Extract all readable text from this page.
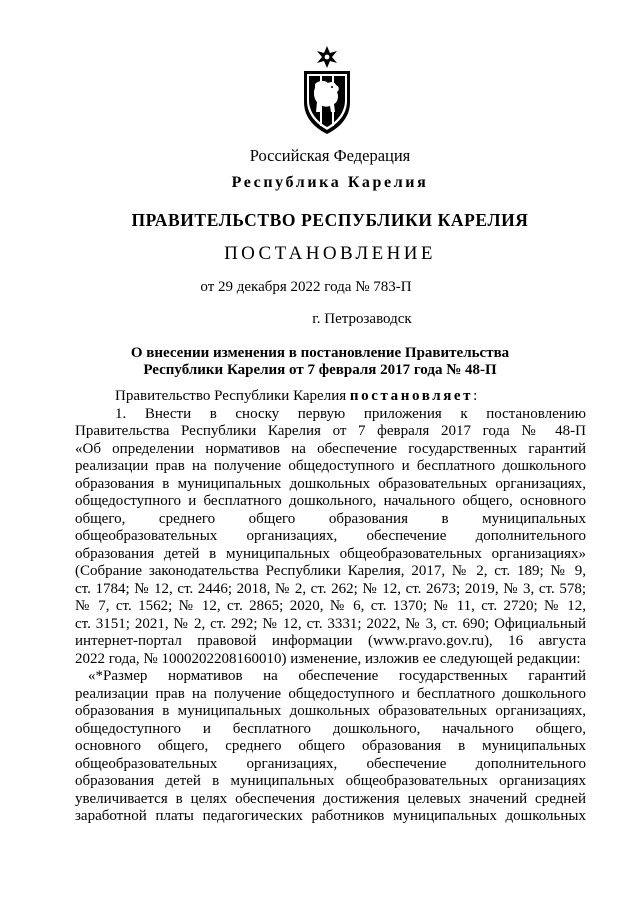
Российская Федерация
Республика Карелия
ПРАВИТЕЛЬСТВО РЕСПУБЛИКИ КАРЕЛИЯ
ПОСТАНОВЛЕНИЕ
от 29 декабря 2022 года № 783-П
г. Петрозаводск
О внесении изменения в постановление Правительства
Республики Карелия от 7 февраля 2017 года № 48-П
Правительство Республики Карелия постановляет:
1. Внести в сноску первую приложения к постановлению
Правительства Республики Карелия от 7 февраля 2017 года № 48-П
«Об определении нормативов на обеспечение государственных гарантий
реализации прав на получение общедоступного и бесплатного дошкольного
образования в муниципальных дошкольных образовательных организациях,
общедоступного и бесплатного дошкольного, начального общего, основного
общего, среднего общего образования в муниципальных
общеобразовательных организациях, обеспечение дополнительного
образования детей в муниципальных общеобразовательных организациях»
(Собрание законодательства Республики Карелия, 2017, № 2, ст. 189; № 9,
ст. 1784; № 12, ст. 2446; 2018, № 2, ст. 262; № 12, ст. 2673; 2019, № 3, ст. 578;
№ 7, ст. 1562; № 12, ст. 2865; 2020, № 6, ст. 1370; № 11, ст. 2720; № 12,
ст. 3151; 2021, № 2, ст. 292; № 12, ст. 3331; 2022, № 3, ст. 690; Официальный
интернет-портал правовой информации (www.pravo.gov.ru), 16 августа
2022 года, № 1000202208160010) изменение, изложив ее следующей редакции:
«*Размер нормативов на обеспечение государственных гарантий
реализации прав на получение общедоступного и бесплатного дошкольного
образования в муниципальных дошкольных образовательных организациях,
общедоступного и бесплатного дошкольного, начального общего,
основного общего, среднего общего образования в муниципальных
общеобразовательных организациях, обеспечение дополнительного
образования детей в муниципальных общеобразовательных организациях
увеличивается в целях обеспечения достижения целевых значений средней
заработной платы педагогических работников муниципальных дошкольных
